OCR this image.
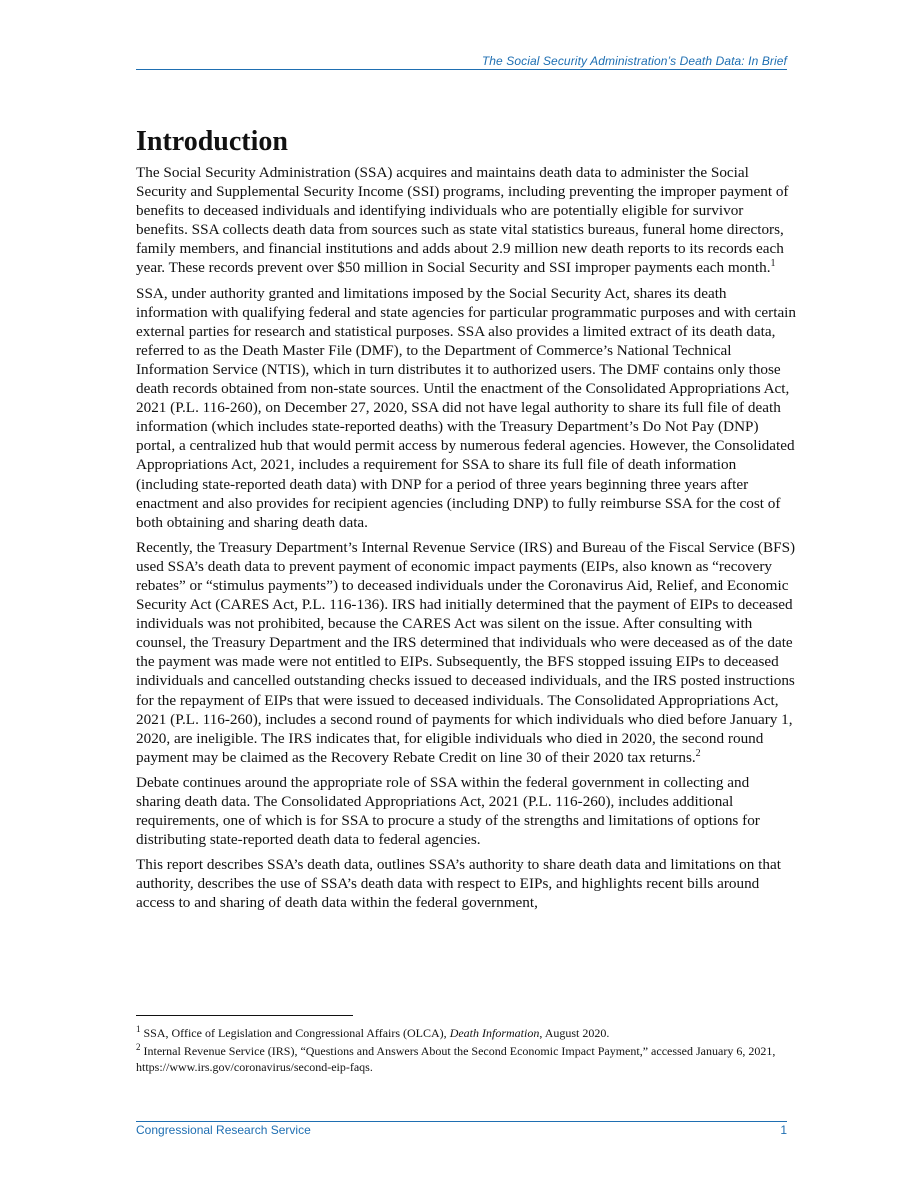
The Social Security Administration’s Death Data: In Brief
Introduction

The Social Security Administration (SSA) acquires and maintains death data to administer the Social Security and Supplemental Security Income (SSI) programs, including preventing the improper payment of benefits to deceased individuals and identifying individuals who are potentially eligible for survivor benefits. SSA collects death data from sources such as state vital statistics bureaus, funeral home directors, family members, and financial institutions and adds about 2.9 million new death reports to its records each year. These records prevent over $50 million in Social Security and SSI improper payments each month.$^1$

SSA, under authority granted and limitations imposed by the Social Security Act, shares its death information with qualifying federal and state agencies for particular programmatic purposes and with certain external parties for research and statistical purposes. SSA also provides a limited extract of its death data, referred to as the Death Master File (DMF), to the Department of Commerce’s National Technical Information Service (NTIS), which in turn distributes it to authorized users. The DMF contains only those death records obtained from non-state sources. Until the enactment of the Consolidated Appropriations Act, 2021 (P.L. 116-260), on December 27, 2020, SSA did not have legal authority to share its full file of death information (which includes state-reported deaths) with the Treasury Department’s Do Not Pay (DNP) portal, a centralized hub that would permit access by numerous federal agencies. However, the Consolidated Appropriations Act, 2021, includes a requirement for SSA to share its full file of death information (including state-reported death data) with DNP for a period of three years beginning three years after enactment and also provides for recipient agencies (including DNP) to fully reimburse SSA for the cost of both obtaining and sharing death data.

Recently, the Treasury Department’s Internal Revenue Service (IRS) and Bureau of the Fiscal Service (BFS) used SSA’s death data to prevent payment of economic impact payments (EIPs, also known as “recovery rebates” or “stimulus payments”) to deceased individuals under the Coronavirus Aid, Relief, and Economic Security Act (CARES Act, P.L. 116-136). IRS had initially determined that the payment of EIPs to deceased individuals was not prohibited, because the CARES Act was silent on the issue. After consulting with counsel, the Treasury Department and the IRS determined that individuals who were deceased as of the date the payment was made were not entitled to EIPs. Subsequently, the BFS stopped issuing EIPs to deceased individuals and cancelled outstanding checks issued to deceased individuals, and the IRS posted instructions for the repayment of EIPs that were issued to deceased individuals. The Consolidated Appropriations Act, 2021 (P.L. 116-260), includes a second round of payments for which individuals who died before January 1, 2020, are ineligible. The IRS indicates that, for eligible individuals who died in 2020, the second round payment may be claimed as the Recovery Rebate Credit on line 30 of their 2020 tax returns.$^2$

Debate continues around the appropriate role of SSA within the federal government in collecting and sharing death data. The Consolidated Appropriations Act, 2021 (P.L. 116-260), includes additional requirements, one of which is for SSA to procure a study of the strengths and limitations of options for distributing state-reported death data to federal agencies.

This report describes SSA’s death data, outlines SSA’s authority to share death data and limitations on that authority, describes the use of SSA’s death data with respect to EIPs, and highlights recent bills around access to and sharing of death data within the federal government,

$^1$ SSA, Office of Legislation and Congressional Affairs (OLCA), Death Information, August 2020.

$^2$ Internal Revenue Service (IRS), “Questions and Answers About the Second Economic Impact Payment,” accessed January 6, 2021, https://www.irs.gov/coronavirus/second-eip-faqs.

Congressional Research Service	1
